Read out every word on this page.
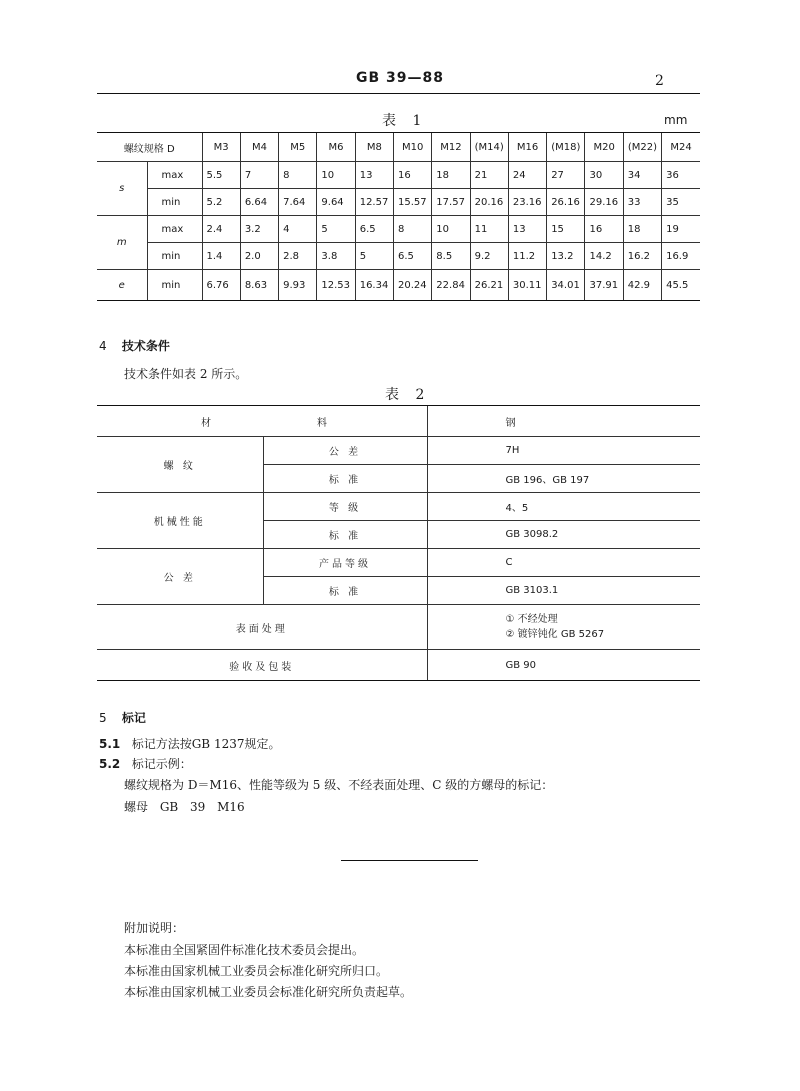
GB 39—88	2
表 1	mm
螺纹规格 D		M3	M4	M5	M6	M8	M10	M12	(M14)	M16	(M18)	M20	(M22)	M24
s	max	5.5	7	8	10	13	16	18	21	24	27	30	34	36
	min	5.2	6.64	7.64	9.64	12.57	15.57	17.57	20.16	23.16	26.16	29.16	33	35
m	max	2.4	3.2	4	5	6.5	8	10	11	13	15	16	18	19
	min	1.4	2.0	2.8	3.8	5	6.5	8.5	9.2	11.2	13.2	14.2	16.2	16.9
e	min	6.76	8.63	9.93	12.53	16.34	20.24	22.84	26.21	30.11	34.01	37.91	42.9	45.5
4 技术条件
技术条件如表 2 所示。
表 2
材	料	钢
螺 纹	公 差	7H
	标 准	GB 196、GB 197
机械性能	等 级	4、5
	标 准	GB 3098.2
公 差	产品等级	C
	标 准	GB 3103.1
表面处理		① 不经处理
② 镀锌钝化 GB 5267

验收及包装		GB 90
5 标记
5.1 标记方法按GB 1237规定。
5.2 标记示例：
螺纹规格为 D＝M16、性能等级为 5 级、不经表面处理、C 级的方螺母的标记：
螺母 GB 39 M16
附加说明：
本标准由全国紧固件标准化技术委员会提出。
本标准由国家机械工业委员会标准化研究所归口。
本标准由国家机械工业委员会标准化研究所负责起草。
